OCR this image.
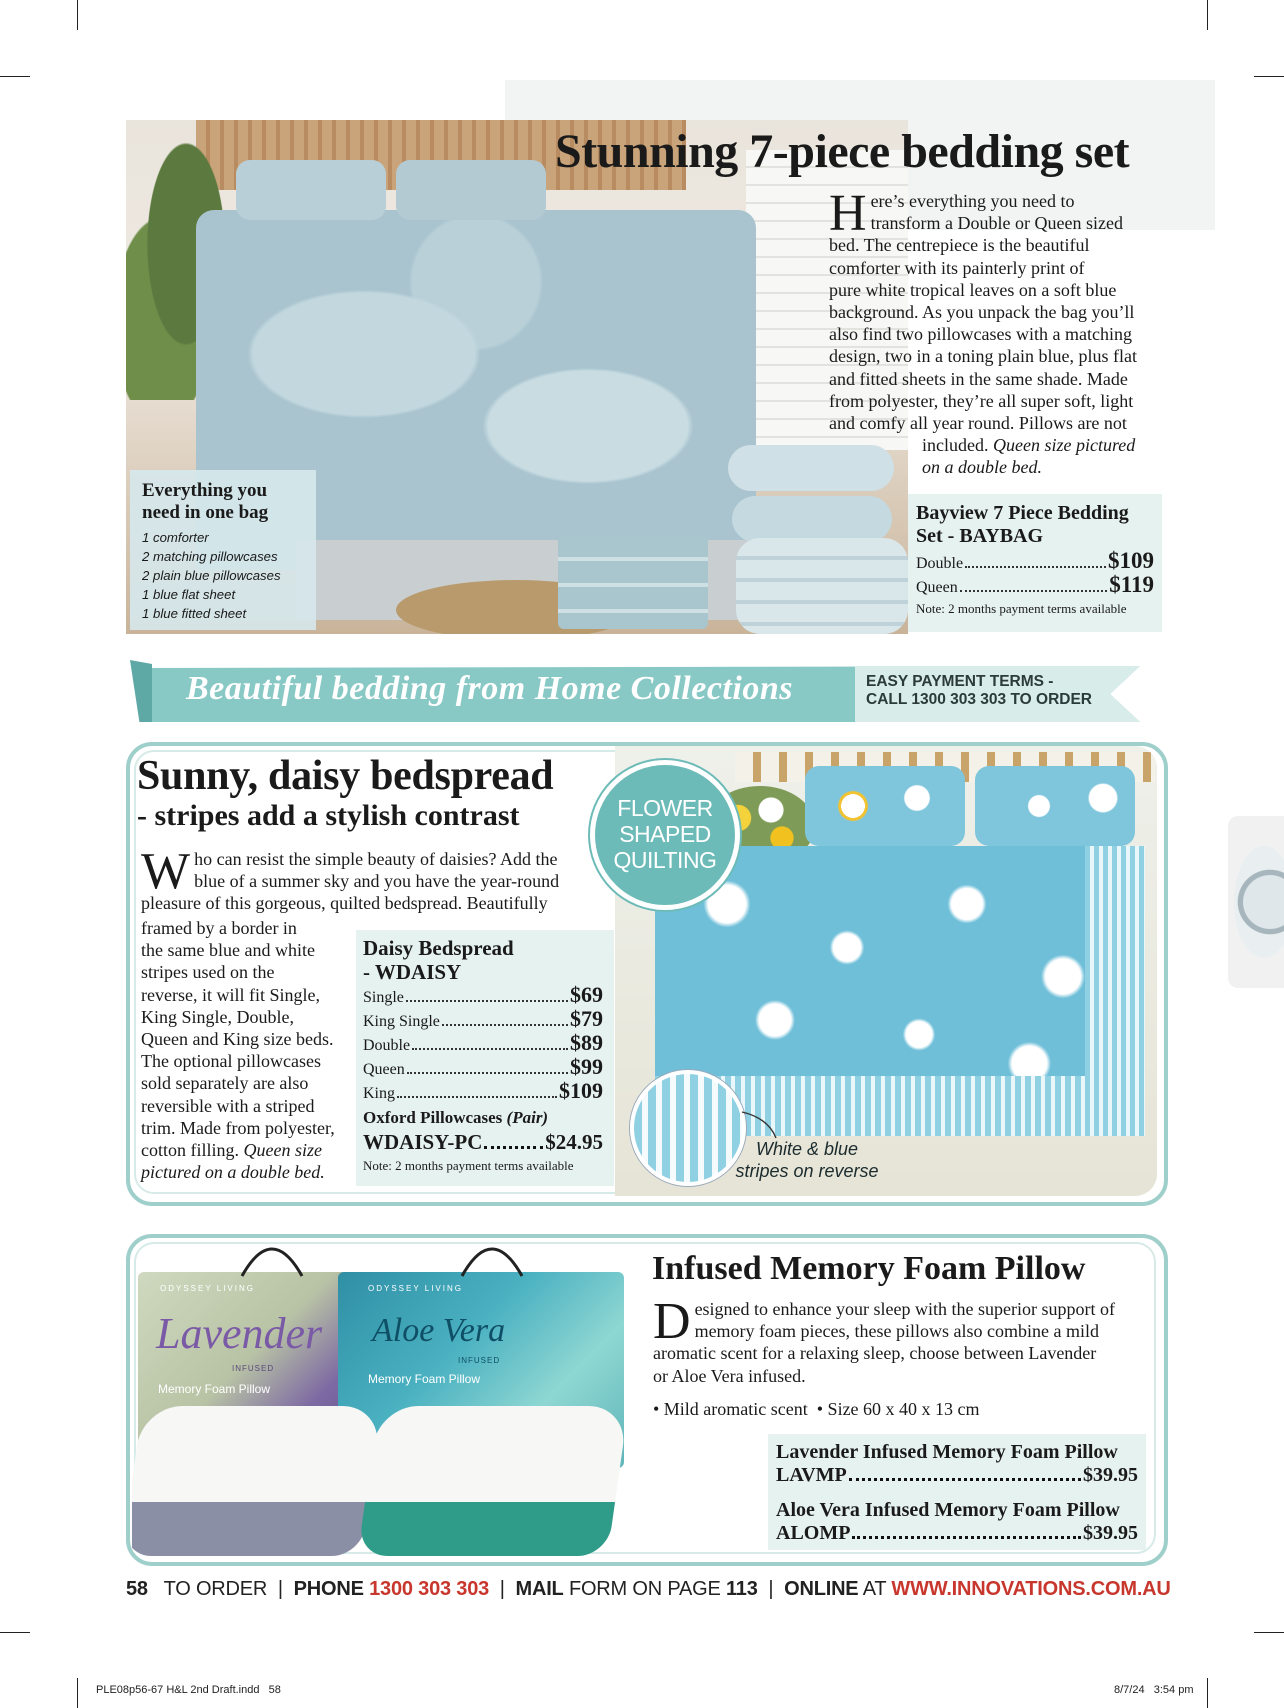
Everything you
need in one bag
1 comforter
2 matching pillowcases
2 plain blue pillowcases
1 blue flat sheet
1 blue fitted sheet
Stunning 7-piece bedding set
H ere’s everything you need to
transform a Double or Queen sized
bed. The centrepiece is the beautiful
comforter with its painterly print of
pure white tropical leaves on a soft blue
background. As you unpack the bag you’ll
also find two pillowcases with a matching
design, two in a toning plain blue, plus flat
and fitted sheets in the same shade. Made
from polyester, they’re all super soft, light
and comfy all year round. Pillows are not
included. Queen size pictured
on a double bed.
Bayview 7 Piece Bedding
Set - BAYBAG
Double	$109
Queen	$119
Note: 2 months payment terms available
Beautiful bedding from Home Collections	EASY PAYMENT TERMS -
CALL 1300 303 303 TO ORDER
FLOWER
SHAPED
QUILTING
White & blue
stripes on reverse
Sunny, daisy bedspread
- stripes add a stylish contrast
W ho can resist the simple beauty of daisies? Add the
blue of a summer sky and you have the year-round
pleasure of this gorgeous, quilted bedspread. Beautifully
framed by a border in
the same blue and white
stripes used on the
reverse, it will fit Single,
King Single, Double,
Queen and King size beds.
The optional pillowcases
sold separately are also
reversible with a striped
trim. Made from polyester,
cotton filling. Queen size
pictured on a double bed.
Daisy Bedspread
- WDAISY
Single	$69
King Single	$79
Double	$89
Queen	$99
King	$109
Oxford Pillowcases (Pair)
WDAISY-PC	$24.95
Note: 2 months payment terms available
ODYSSEY LIVING
Lavender
INFUSED
Memory Foam Pillow
ODYSSEY LIVING
Aloe Vera
INFUSED
Memory Foam Pillow
Infused Memory Foam Pillow
D esigned to enhance your sleep with the superior support of
memory foam pieces, these pillows also combine a mild
aromatic scent for a relaxing sleep, choose between Lavender
or Aloe Vera infused.
• Mild aromatic scent  • Size 60 x 40 x 13 cm
Lavender Infused Memory Foam Pillow
LAVMP	$39.95
Aloe Vera Infused Memory Foam Pillow
ALOMP	$39.95
58 TO ORDER  |  PHONE 1300 303 303  |  MAIL FORM ON PAGE 113  |  ONLINE AT WWW.INNOVATIONS.COM.AU
PLE08p56-67 H&L 2nd Draft.indd   58	8/7/24   3:54 pm
